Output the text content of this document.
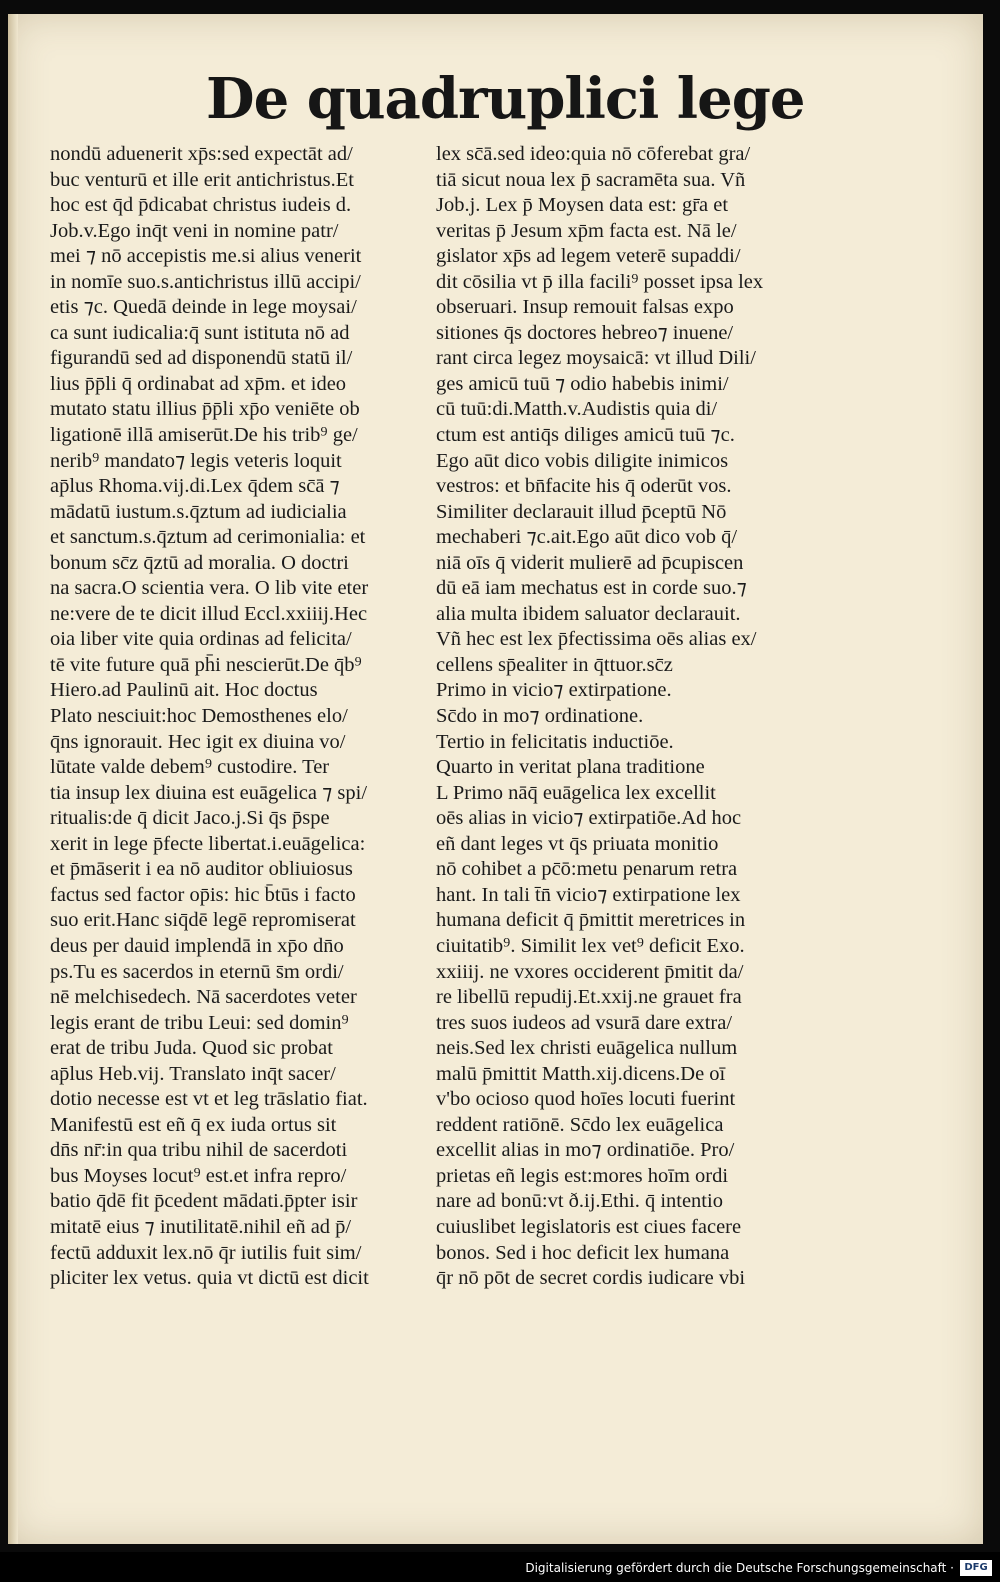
De quadruplici lege
nondū aduenerit xp̄s:sed expectāt ad/
buc venturū et ille erit antichristus.Et
hoc est q̄d p̄dicabat christus iudeis d.
Job.v.Ego inq̄t veni in nomine patr/
mei ⁊ nō accepistis me.si alius venerit
in nomīe suo.s.antichristus illū accipi/
etis ⁊c. Quedā deinde in lege moysai/
ca sunt iudicalia:q̄ sunt istituta nō ad
figurandū sed ad disponendū statū il/
lius p̄p̄li q̄ ordinabat ad xp̄m. et ideo
mutato statu illius p̄p̄li xp̄o veniēte ob
ligationē illā amiserūt.De his trib⁹ ge/
nerib⁹ mandato⁊ legis veteris loquit
ap̄lus Rhoma.vij.di.Lex q̄dem sc̄ā ⁊
mādatū iustum.s.q̄ztum ad iudicialia
et sanctum.s.q̄ztum ad cerimonialia: et
bonum sc̄z q̄ztū ad moralia. O doctri
na sacra.O scientia vera. O lib vite eter
ne:vere de te dicit illud Eccl.xxiiij.Hec
oia liber vite quia ordinas ad felicita/
tē vite future quā ph̄i nescierūt.De q̄b⁹
Hiero.ad Paulinū ait. Hoc doctus
Plato nesciuit:hoc Demosthenes elo/
q̄ns ignorauit. Hec igit ex diuina vo/
lūtate valde debem⁹ custodire. Ter
tia insup lex diuina est euāgelica ⁊ spi/
ritualis:de q̄ dicit Jaco.j.Si q̄s p̄spe
xerit in lege p̄fecte libertat.i.euāgelica:
et p̄māserit i ea nō auditor obliuiosus
factus sed factor op̄is: hic b̄tūs i facto
suo erit.Hanc siq̄dē legē repromiserat
deus per dauid implendā in xp̄o dn̄o
ps.Tu es sacerdos in eternū s̄m ordi/
nē melchisedech. Nā sacerdotes veter
legis erant de tribu Leui: sed domin⁹
erat de tribu Juda. Quod sic probat
ap̄lus Heb.vij. Translato inq̄t sacer/
dotio necesse est vt et leg trāslatio fiat.
Manifestū est eñ q̄ ex iuda ortus sit
dn̄s nr̄:in qua tribu nihil de sacerdoti
bus Moyses locut⁹ est.et infra repro/
batio q̄dē fit p̄cedent mādati.p̄pter isir
mitatē eius ⁊ inutilitatē.nihil eñ ad p̄/
fectū adduxit lex.nō q̄r iutilis fuit sim/
pliciter lex vetus. quia vt dictū est dicit
lex sc̄ā.sed ideo:quia nō cōferebat gra/
tiā sicut noua lex p̄ sacramēta sua. Vñ
Job.j. Lex p̄ Moysen data est: gr̄a et
veritas p̄ Jesum xp̄m facta est. Nā le/
gislator xp̄s ad legem veterē supaddi/
dit cōsilia vt p̄ illa facili⁹ posset ipsa lex
obseruari. Insup remouit falsas expo
sitiones q̄s doctores hebreo⁊ inuene/
rant circa legez moysaicā: vt illud Dili/
ges amicū tuū ⁊ odio habebis inimi/
cū tuū:di.Matth.v.Audistis quia di/
ctum est antiq̄s diliges amicū tuū ⁊c.
Ego aūt dico vobis diligite inimicos
vestros: et bn̄facite his q̄ oderūt vos.
Similiter declarauit illud p̄ceptū Nō
mechaberi ⁊c.ait.Ego aūt dico vob q̄/
niā oīs q̄ viderit mulierē ad p̄cupiscen
dū eā iam mechatus est in corde suo.⁊
alia multa ibidem saluator declarauit.
Vñ hec est lex p̄fectissima oēs alias ex/
cellens sp̄ealiter in q̄ttuor.sc̄z
Primo in vicio⁊ extirpatione.
Sc̄do in mo⁊ ordinatione.
Tertio in felicitatis inductiōe.
Quarto in veritat plana traditione
L Primo nāq̄ euāgelica lex excellit
oēs alias in vicio⁊ extirpatiōe.Ad hoc
eñ dant leges vt q̄s priuata monitio
nō cohibet a pc̄ō:metu penarum retra
hant. In tali t̄n̄ vicio⁊ extirpatione lex
humana deficit q̄ p̄mittit meretrices in
ciuitatib⁹. Similit lex vet⁹ deficit Exo.
xxiiij. ne vxores occiderent p̄mitit da/
re libellū repudij.Et.xxij.ne grauet fra
tres suos iudeos ad vsurā dare extra/
neis.Sed lex christi euāgelica nullum
malū p̄mittit Matth.xij.dicens.De oī
v'bo ocioso quod hoīes locuti fuerint
reddent ratiōnē. Sc̄do lex euāgelica
excellit alias in mo⁊ ordinatiōe. Pro/
prietas eñ legis est:mores hoīm ordi
nare ad bonū:vt ð.ij.Ethi. q̄ intentio
cuiuslibet legislatoris est ciues facere
bonos. Sed i hoc deficit lex humana
q̄r nō pōt de secret cordis iudicare vbi
Digitalisierung gefördert durch die Deutsche Forschungsgemeinschaft ·	DFG
